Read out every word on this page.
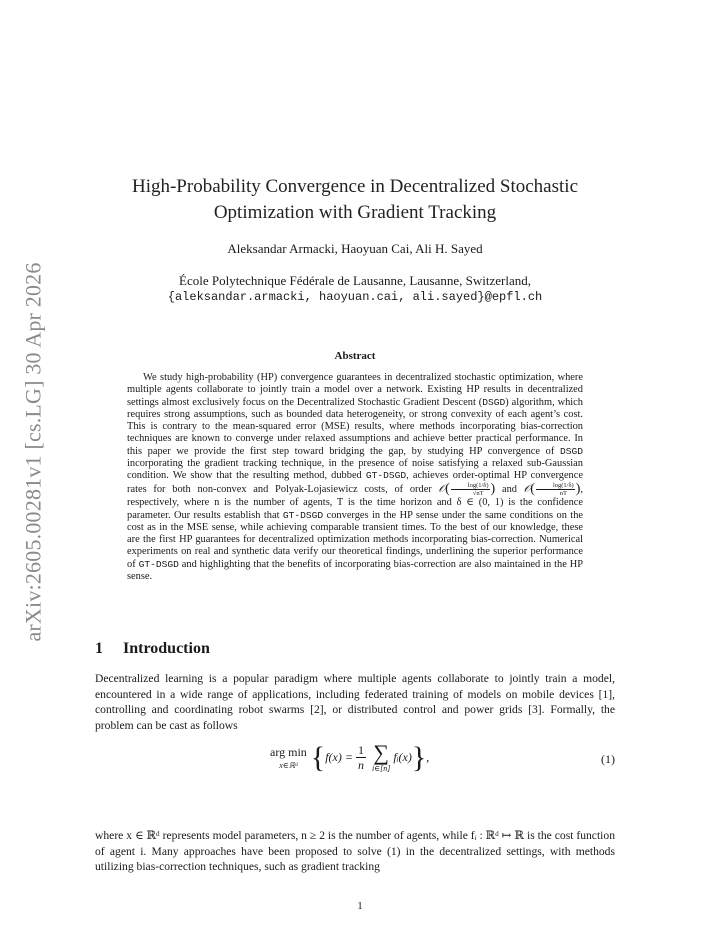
arXiv:2605.00281v1 [cs.LG] 30 Apr 2026
High-Probability Convergence in Decentralized Stochastic
Optimization with Gradient Tracking
Aleksandar Armacki, Haoyuan Cai, Ali H. Sayed
École Polytechnique Fédérale de Lausanne, Lausanne, Switzerland,
{aleksandar.armacki, haoyuan.cai, ali.sayed}@epfl.ch
Abstract
We study high-probability (HP) convergence guarantees in decentralized stochastic optimization, where multiple agents collaborate to jointly train a model over a network. Existing HP results in decentralized settings almost exclusively focus on the Decentralized Stochastic Gradient Descent (DSGD) algorithm, which requires strong assumptions, such as bounded data heterogeneity, or strong convexity of each agent’s cost. This is contrary to the mean-squared error (MSE) results, where methods incorporating bias-correction techniques are known to converge under relaxed assumptions and achieve better practical performance. In this paper we provide the first step toward bridging the gap, by studying HP convergence of DSGD incorporating the gradient tracking technique, in the presence of noise satisfying a relaxed sub-Gaussian condition. We show that the resulting method, dubbed GT-DSGD, achieves order-optimal HP convergence rates for both non-convex and Polyak-Lojasiewicz costs, of order 𝒪( $\frac{\log(1/\delta)}{√nT}$ ) and 𝒪( $\frac{\log(1/\delta)}{nT}$ ), respectively, where n is the number of agents, T is the time horizon and δ ∈ (0, 1) is the confidence parameter. Our results establish that GT-DSGD converges in the HP sense under the same conditions on the cost as in the MSE sense, while achieving comparable transient times. To the best of our knowledge, these are the first HP guarantees for decentralized optimization methods incorporating bias-correction. Numerical experiments on real and synthetic data verify our theoretical findings, underlining the superior performance of GT-DSGD and highlighting that the benefits of incorporating bias-correction are also maintained in the HP sense.
1 Introduction
Decentralized learning is a popular paradigm where multiple agents collaborate to jointly train a model, encountered in a wide range of applications, including federated training of models on mobile devices [1], controlling and coordinating robot swarms [2], or distributed control and power grids [3]. Formally, the problem can be cast as follows
arg min
x∈ℝᵈ { $f(x) = \frac{1}{n}$ ∑
i∈[n]
fᵢ(x) } ,	(1)
where x ∈ ℝᵈ represents model parameters, n ≥ 2 is the number of agents, while fᵢ : ℝᵈ ↦ ℝ is the cost function of agent i. Many approaches have been proposed to solve (1) in the decentralized settings, with methods utilizing bias-correction techniques, such as gradient tracking
1
